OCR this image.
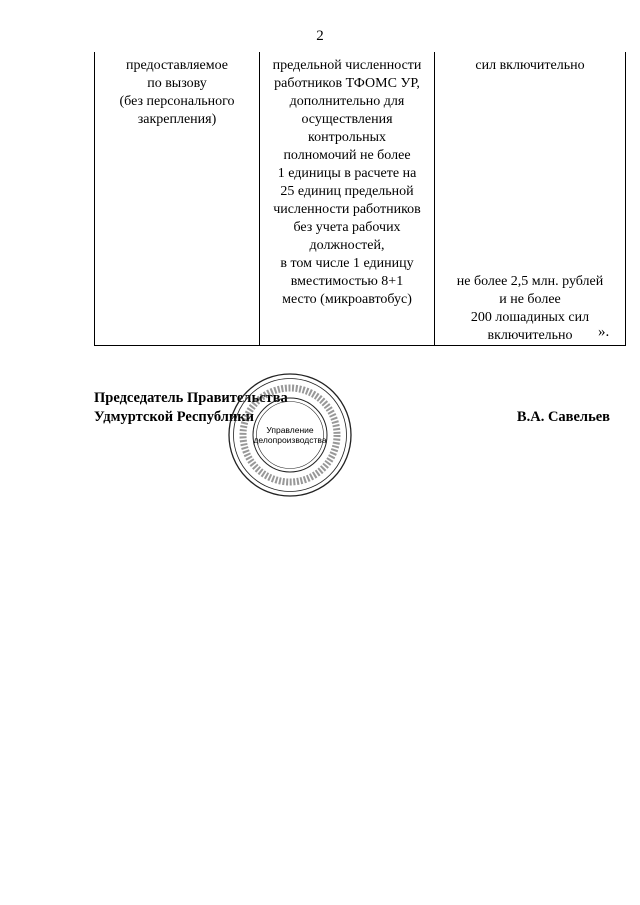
2
предоставляемое
по вызову
(без персонального
закрепления)

предельной численности
работников ТФОМС УР,
дополнительно для
осуществления
контрольных
полномочий не более
1 единицы в расчете на
25 единиц предельной
численности работников
без учета рабочих
должностей,
в том числе 1 единицу
вместимостью 8+1
место (микроавтобус)

сил включительно
не более 2,5 млн. рублей
и не более
200 лошадиных сил
включительно	».
Председатель Правительства
Удмуртской Республики	В.А. Савельев
Управление
делопроизводства
